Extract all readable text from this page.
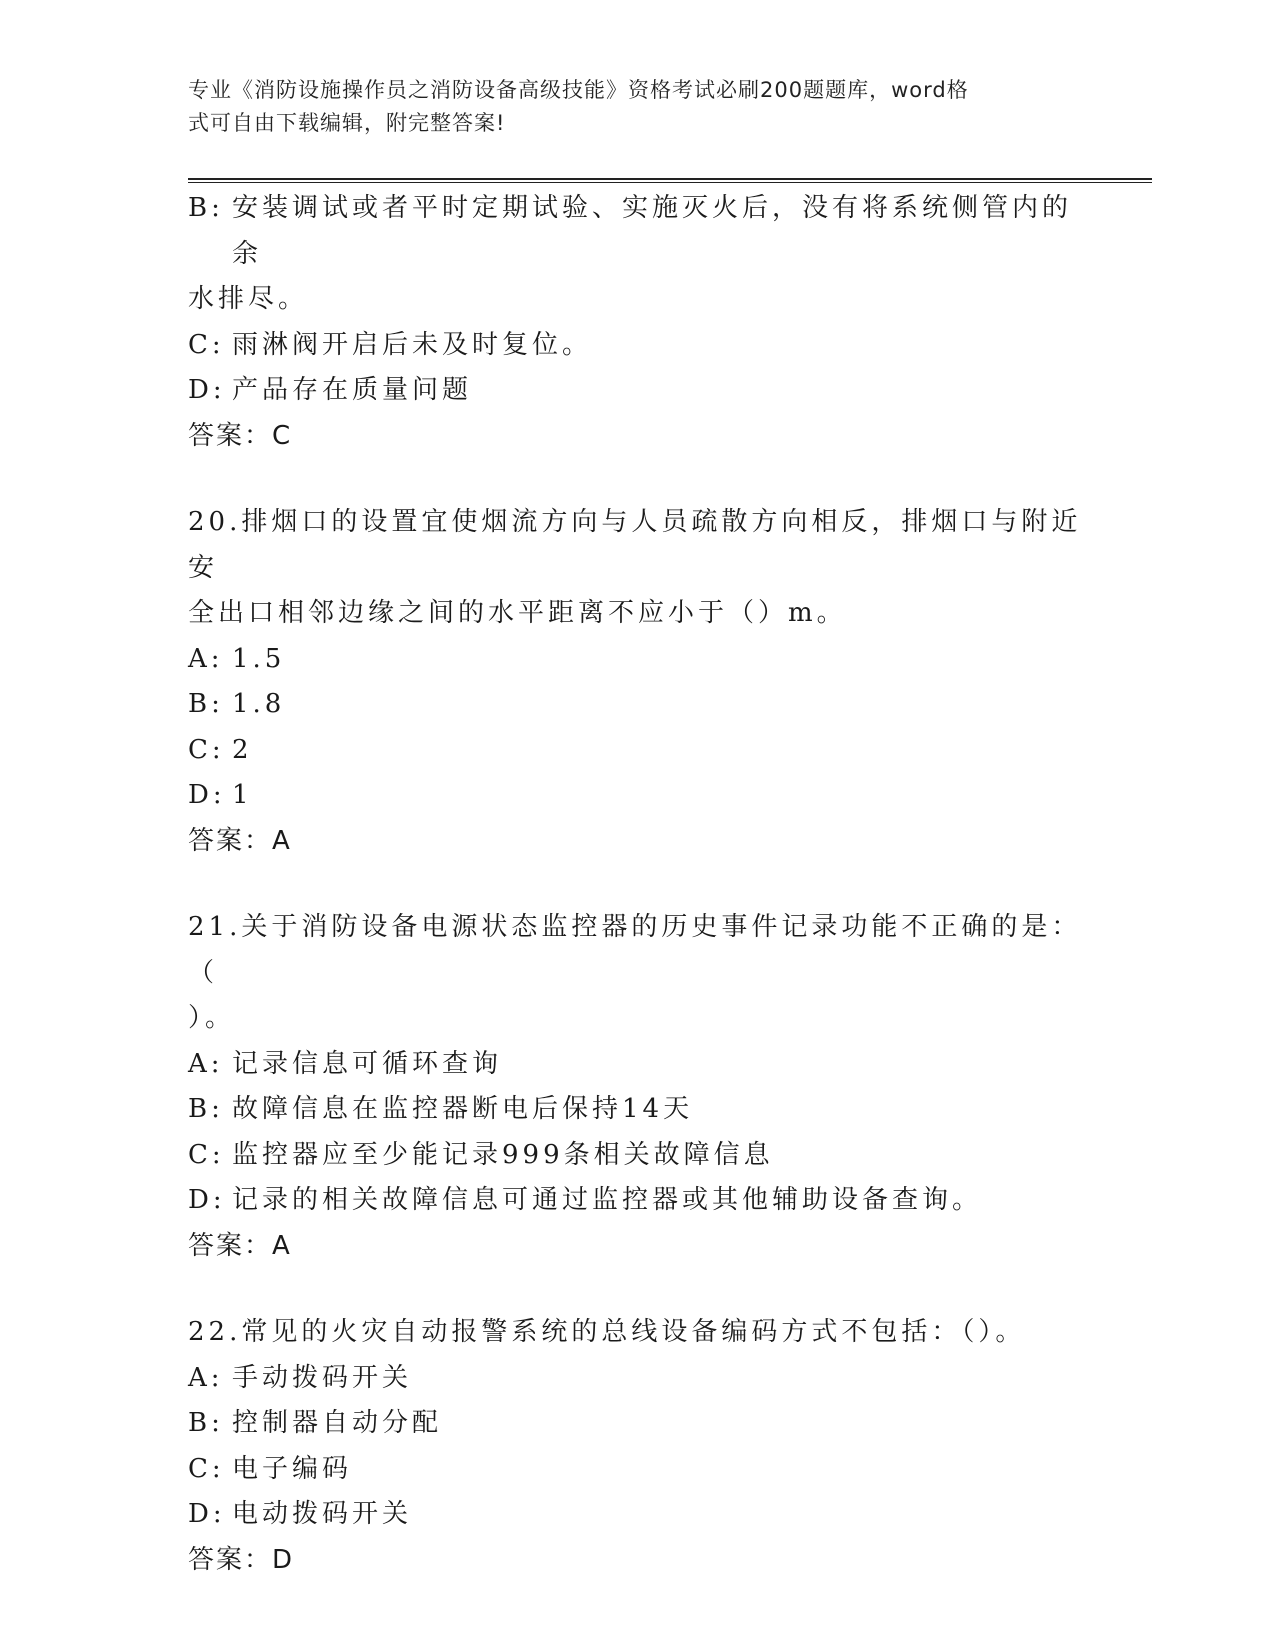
专业《消防设施操作员之消防设备高级技能》资格考试必刷200题题库，word格
式可自由下载编辑，附完整答案!
B: 安装调试或者平时定期试验、实施灭火后，没有将系统侧管内的余
水排尽。
C: 雨淋阀开启后未及时复位。
D: 产品存在质量问题
答案：C
20.排烟口的设置宜使烟流方向与人员疏散方向相反，排烟口与附近安
全出口相邻边缘之间的水平距离不应小于（）m。
A: 1.5
B: 1.8
C: 2
D: 1
答案：A
21.关于消防设备电源状态监控器的历史事件记录功能不正确的是：（
）。
A: 记录信息可循环查询
B: 故障信息在监控器断电后保持14天
C: 监控器应至少能记录999条相关故障信息
D: 记录的相关故障信息可通过监控器或其他辅助设备查询。
答案：A
22.常见的火灾自动报警系统的总线设备编码方式不包括：（）。
A: 手动拨码开关
B: 控制器自动分配
C: 电子编码
D: 电动拨码开关
答案：D
